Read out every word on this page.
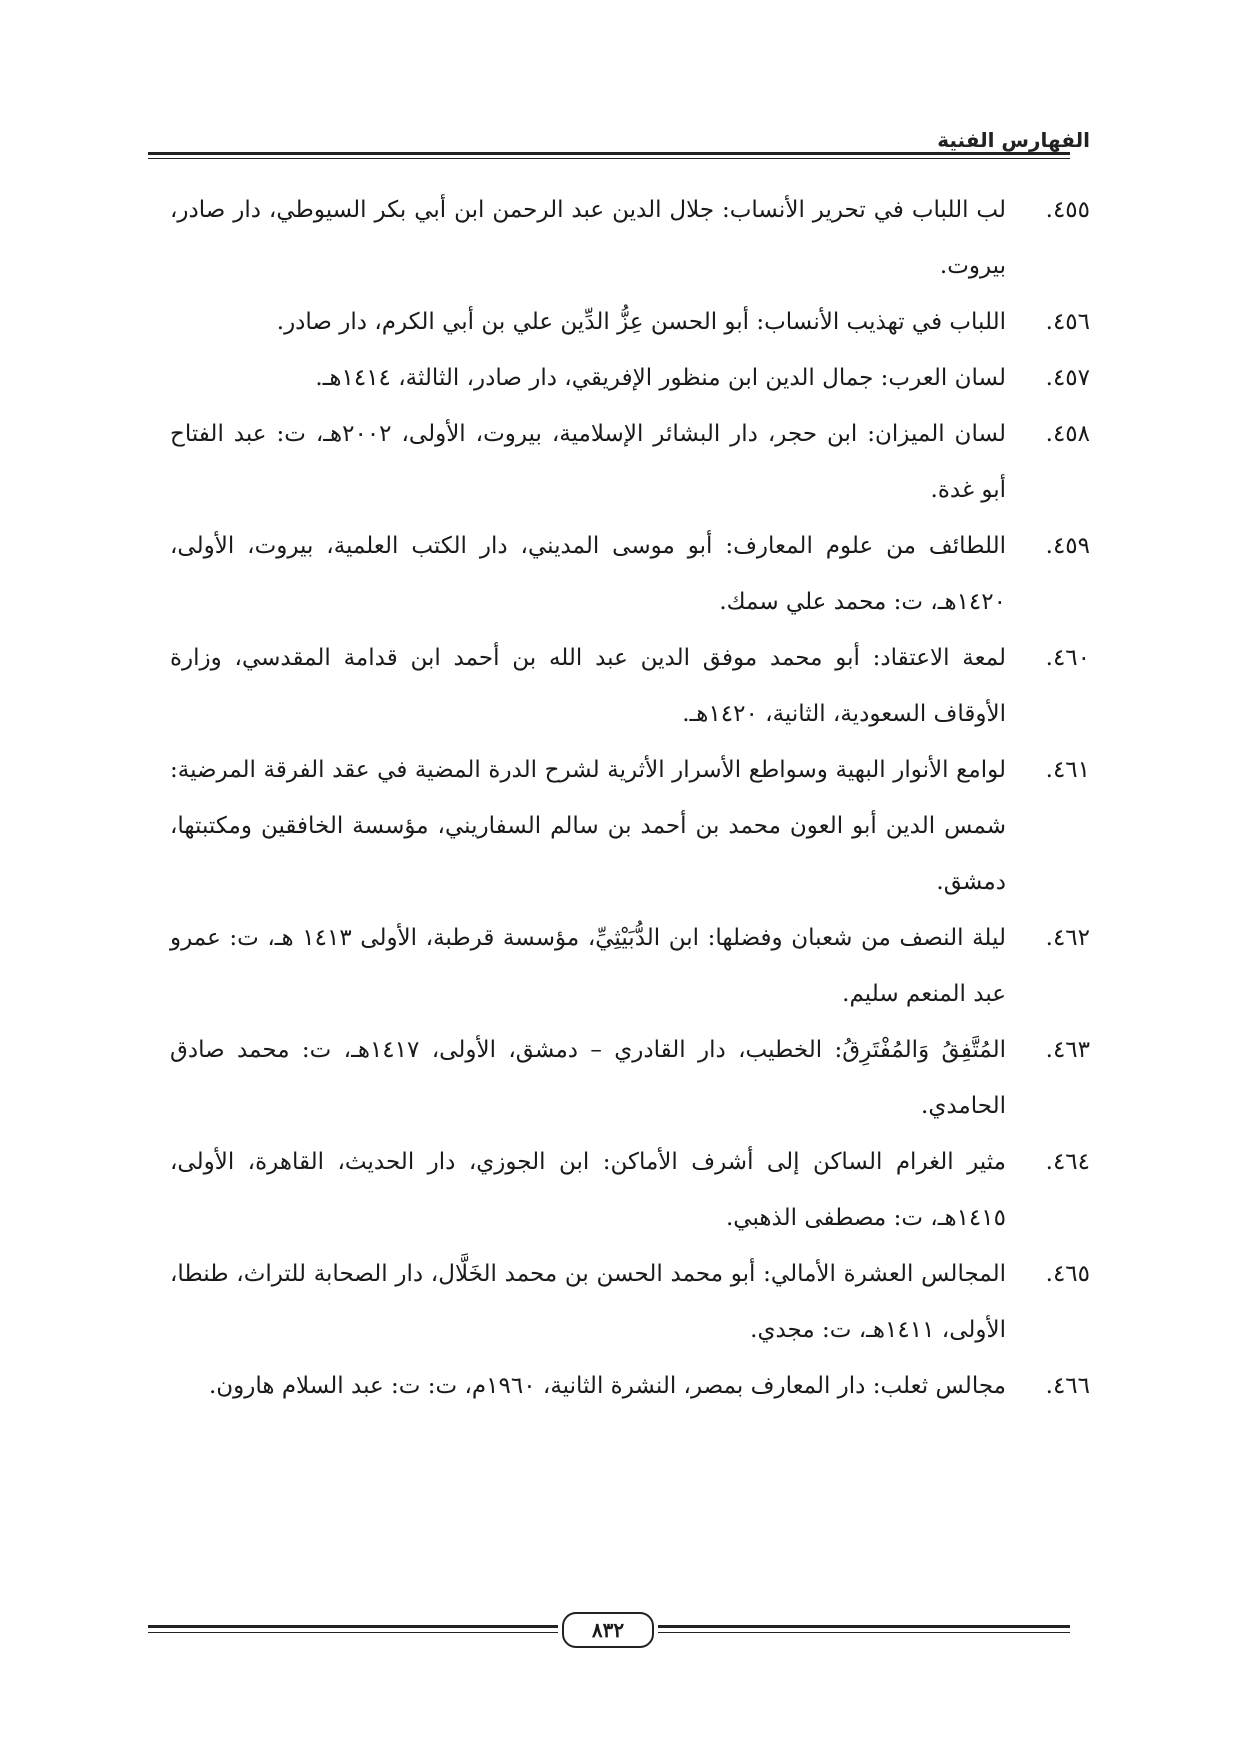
الفهارس الفنية
٤٥٥.
لب اللباب في تحرير الأنساب: جلال الدين عبد الرحمن ابن أبي بكر السيوطي، دار صادر، بيروت.
٤٥٦.
اللباب في تهذيب الأنساب: أبو الحسن عِزُّ الدِّين علي بن أبي الكرم، دار صادر.
٤٥٧.
لسان العرب: جمال الدين ابن منظور الإفريقي، دار صادر، الثالثة، ١٤١٤هـ.
٤٥٨.
لسان الميزان: ابن حجر، دار البشائر الإسلامية، بيروت، الأولى، ٢٠٠٢هـ، ت: عبد الفتاح أبو غدة.
٤٥٩.
اللطائف من علوم المعارف: أبو موسى المديني، دار الكتب العلمية، بيروت، الأولى، ١٤٢٠هـ، ت: محمد علي سمك.
٤٦٠.
لمعة الاعتقاد: أبو محمد موفق الدين عبد الله بن أحمد ابن قدامة المقدسي، وزارة الأوقاف السعودية، الثانية، ١٤٢٠هـ.
٤٦١.
لوامع الأنوار البهية وسواطع الأسرار الأثرية لشرح الدرة المضية في عقد الفرقة المرضية: شمس الدين أبو العون محمد بن أحمد بن سالم السفاريني، مؤسسة الخافقين ومكتبتها، دمشق.
٤٦٢.
ليلة النصف من شعبان وفضلها: ابن الدُّبَيْثِيِّ، مؤسسة قرطبة، الأولى ١٤١٣ هـ، ت: عمرو عبد المنعم سليم.
٤٦٣.
المُتَّفِقُ وَالمُفْتَرِقُ: الخطيب، دار القادري – دمشق، الأولى، ١٤١٧هـ، ت: محمد صادق الحامدي.
٤٦٤.
مثير الغرام الساكن إلى أشرف الأماكن: ابن الجوزي، دار الحديث، القاهرة، الأولى، ١٤١٥هـ، ت: مصطفى الذهبي.
٤٦٥.
المجالس العشرة الأمالي: أبو محمد الحسن بن محمد الخَلَّال، دار الصحابة للتراث، طنطا، الأولى، ١٤١١هـ، ت: مجدي.
٤٦٦.
مجالس ثعلب: دار المعارف بمصر، النشرة الثانية، ١٩٦٠م، ت: ت: عبد السلام هارون.
٨٣٢
